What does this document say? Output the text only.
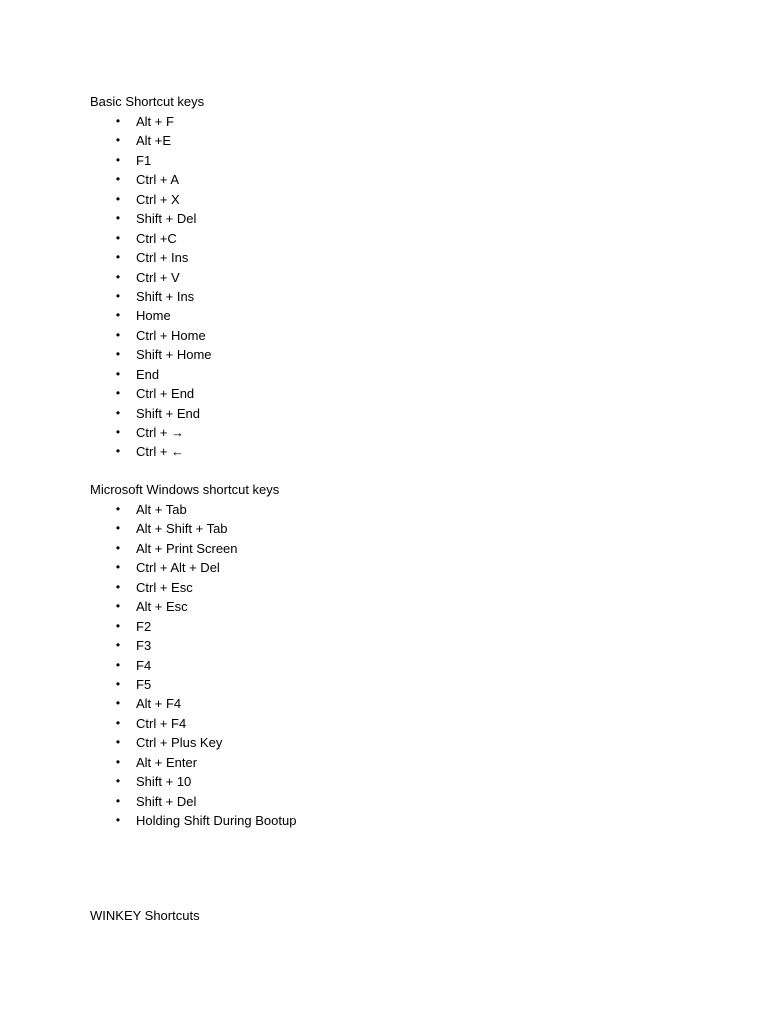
Basic Shortcut keys
• Alt + F
• Alt +E
• F1
• Ctrl + A
• Ctrl + X
• Shift + Del
• Ctrl +C
• Ctrl + Ins
• Ctrl + V
• Shift + Ins
• Home
• Ctrl + Home
• Shift + Home
• End
• Ctrl + End
• Shift + End
• Ctrl + →
• Ctrl + ←
Microsoft Windows shortcut keys
• Alt + Tab
• Alt + Shift + Tab
• Alt + Print Screen
• Ctrl + Alt + Del
• Ctrl + Esc
• Alt + Esc
• F2
• F3
• F4
• F5
• Alt + F4
• Ctrl + F4
• Ctrl + Plus Key
• Alt + Enter
• Shift + 10
• Shift + Del
• Holding Shift During Bootup
WINKEY Shortcuts
